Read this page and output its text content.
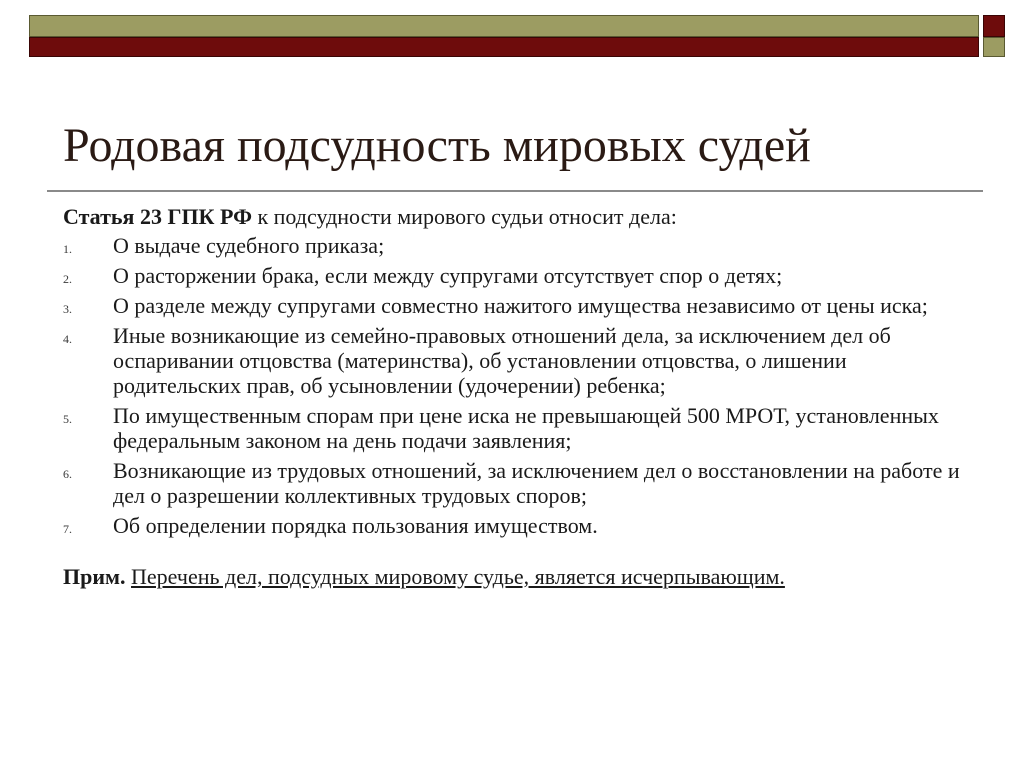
Родовая подсудность мировых судей

Статья 23 ГПК РФ к подсудности мирового судьи относит дела:

1. О выдаче судебного приказа;
2. О расторжении брака, если между супругами отсутствует спор о детях;
3. О разделе между супругами совместно нажитого имущества независимо от цены иска;
4. Иные возникающие из семейно-правовых отношений дела, за исключением дел об оспаривании отцовства (материнства), об установлении отцовства, о лишении родительских прав, об усыновлении (удочерении) ребенка;
5. По имущественным спорам при цене иска не превышающей 500 МРОТ, установленных федеральным законом на день подачи заявления;
6. Возникающие из трудовых отношений, за исключением дел о восстановлении на работе и дел о разрешении коллективных трудовых споров;
7. Об определении порядка пользования имуществом.

Прим. Перечень дел, подсудных мировому судье, является исчерпывающим.
